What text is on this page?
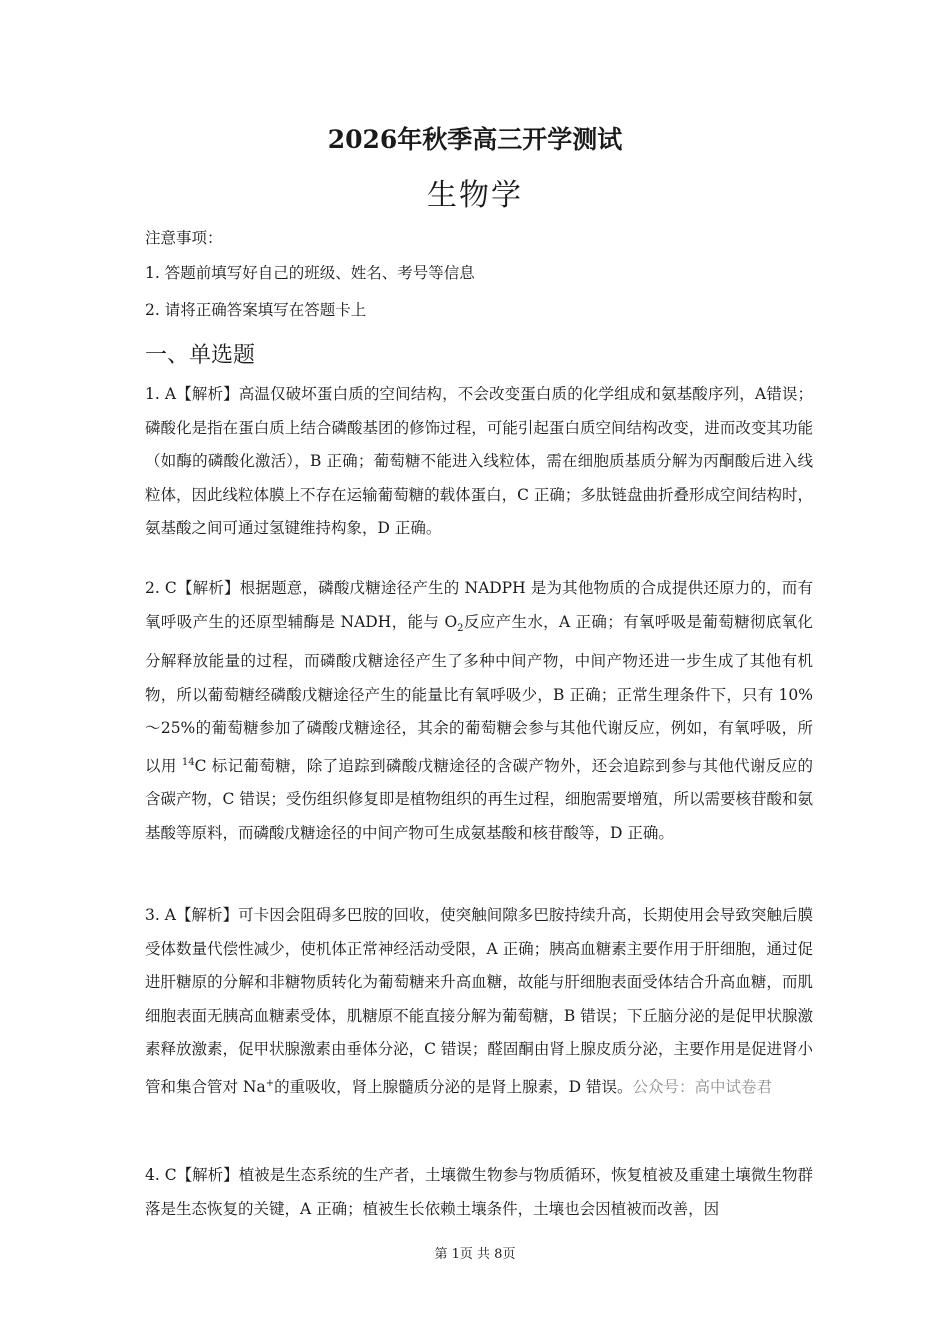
2026年秋季高三开学测试
生物学
注意事项：
1. 答题前填写好自己的班级、姓名、考号等信息
2. 请将正确答案填写在答题卡上
一、单选题
1. A【解析】高温仅破坏蛋白质的空间结构，不会改变蛋白质的化学组成和氨基酸序列，A错误；磷酸化是指在蛋白质上结合磷酸基团的修饰过程，可能引起蛋白质空间结构改变，进而改变其功能（如酶的磷酸化激活），B 正确；葡萄糖不能进入线粒体，需在细胞质基质分解为丙酮酸后进入线粒体，因此线粒体膜上不存在运输葡萄糖的载体蛋白，C 正确；多肽链盘曲折叠形成空间结构时，氨基酸之间可通过氢键维持构象，D 正确。
2. C【解析】根据题意，磷酸戊糖途径产生的 NADPH 是为其他物质的合成提供还原力的，而有氧呼吸产生的还原型辅酶是 NADH，能与 $O_2$反应产生水，A 正确；有氧呼吸是葡萄糖彻底氧化分解释放能量的过程，而磷酸戊糖途径产生了多种中间产物，中间产物还进一步生成了其他有机物，所以葡萄糖经磷酸戊糖途径产生的能量比有氧呼吸少，B 正确；正常生理条件下，只有 10%～25%的葡萄糖参加了磷酸戊糖途径，其余的葡萄糖会参与其他代谢反应，例如，有氧呼吸，所以用 $^{14}$C 标记葡萄糖，除了追踪到磷酸戊糖途径的含碳产物外，还会追踪到参与其他代谢反应的含碳产物，C 错误；受伤组织修复即是植物组织的再生过程，细胞需要增殖，所以需要核苷酸和氨基酸等原料，而磷酸戊糖途径的中间产物可生成氨基酸和核苷酸等，D 正确。
3. A【解析】可卡因会阻碍多巴胺的回收，使突触间隙多巴胺持续升高，长期使用会导致突触后膜受体数量代偿性减少，使机体正常神经活动受限，A 正确；胰高血糖素主要作用于肝细胞，通过促进肝糖原的分解和非糖物质转化为葡萄糖来升高血糖，故能与肝细胞表面受体结合升高血糖，而肌细胞表面无胰高血糖素受体，肌糖原不能直接分解为葡萄糖，B 错误；下丘脑分泌的是促甲状腺激素释放激素，促甲状腺激素由垂体分泌，C 错误；醛固酮由肾上腺皮质分泌，主要作用是促进肾小管和集合管对 Na+的重吸收，肾上腺髓质分泌的是肾上腺素，D 错误。公众号：高中试卷君
4. C【解析】植被是生态系统的生产者，土壤微生物参与物质循环，恢复植被及重建土壤微生物群落是生态恢复的关键，A 正确；植被生长依赖土壤条件，土壤也会因植被而改善，因
第 1页 共 8页
